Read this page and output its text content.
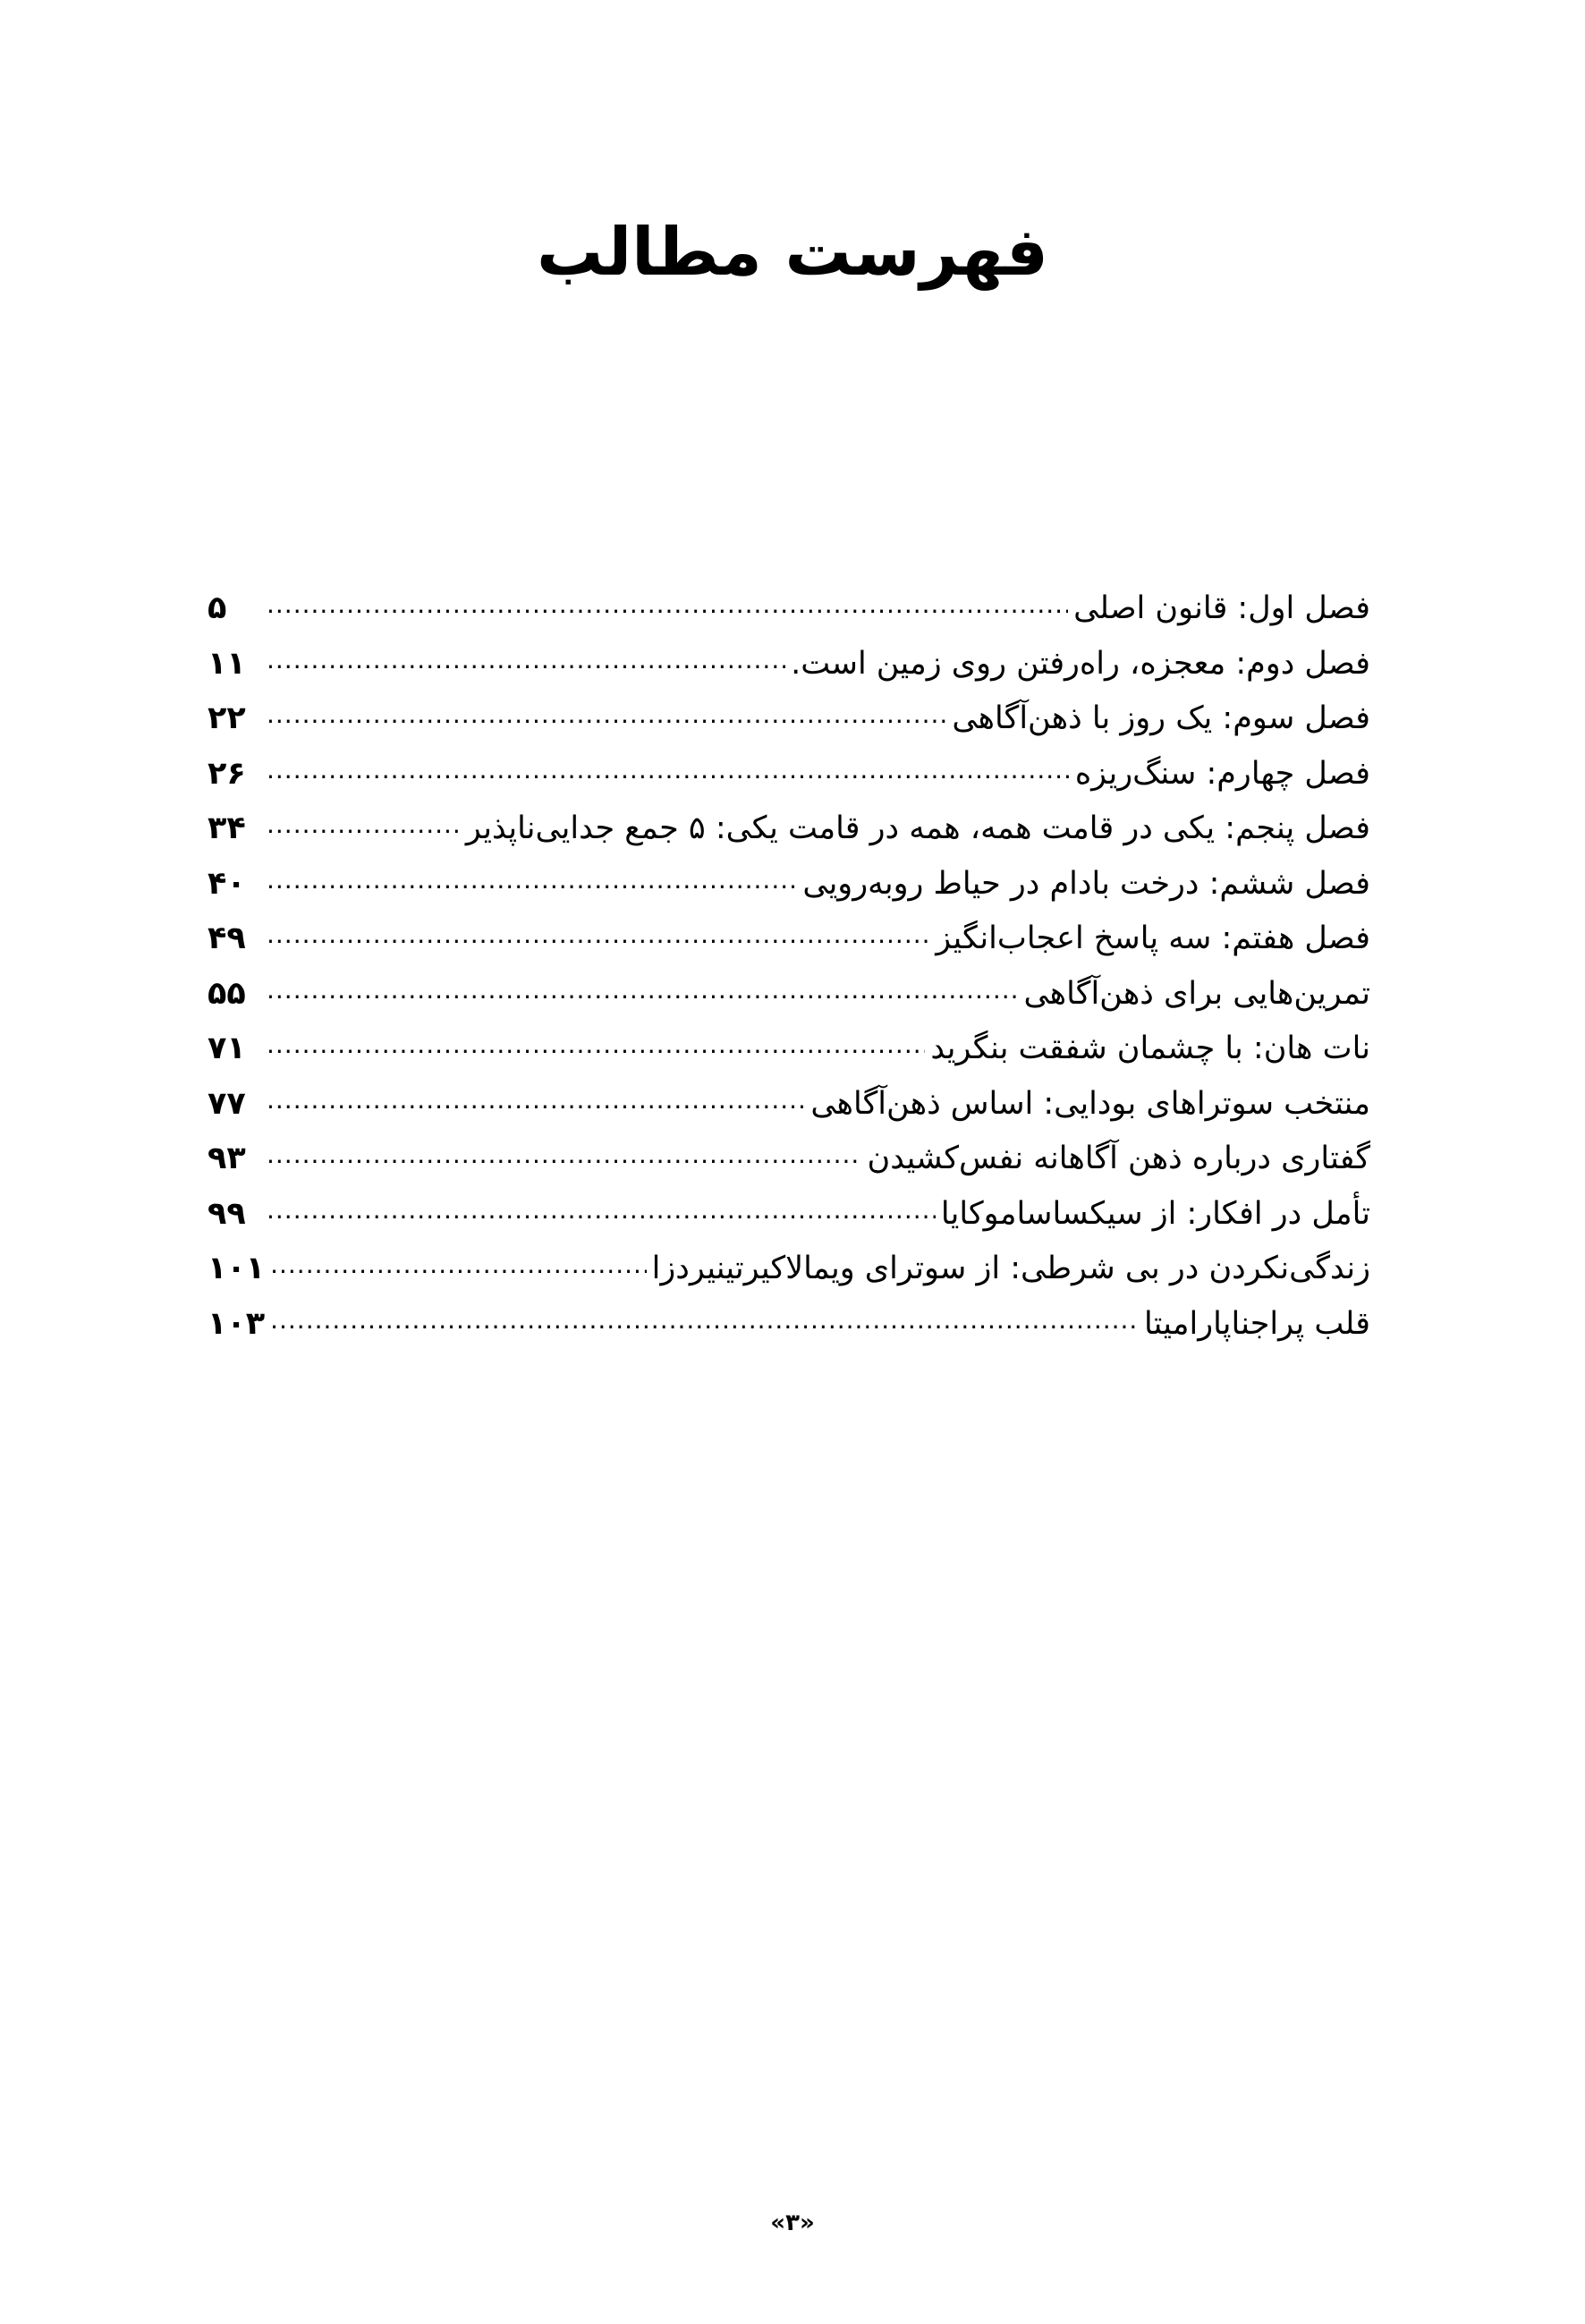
فهرست مطالب
فصل اول: قانون اصلی
.....
۵
فصل دوم: معجزه، راه‌رفتن روی زمین است.
.....
۱۱
فصل سوم: یک روز با ذهن‌آگاهی
.....
۲۲
فصل چهارم: سنگ‌ریزه
.....
۲۶
فصل پنجم: یکی در قامت همه، همه در قامت یکی: ۵ جمع جدایی‌ناپذیر
.....
۳۴
فصل ششم: درخت بادام در حیاط روبه‌رویی
.....
۴۰
فصل هفتم: سه پاسخ اعجاب‌انگیز
.....
۴۹
تمرین‌هایی برای ذهن‌آگاهی
.....
۵۵
نات هان: با چشمان شفقت بنگرید
.....
۷۱
منتخب سوتراهای بودایی: اساس ذهن‌آگاهی
.....
۷۷
گفتاری درباره ذهن آگاهانه نفس‌کشیدن
.....
۹۳
تأمل در افکار: از سیکساساموکایا
.....
۹۹
زندگی‌نکردن در بی شرطی: از سوترای ویمالاکیرتینیردزا
.....
۱۰۱
قلب پراجناپارامیتا
.....
۱۰۳
«۳»
